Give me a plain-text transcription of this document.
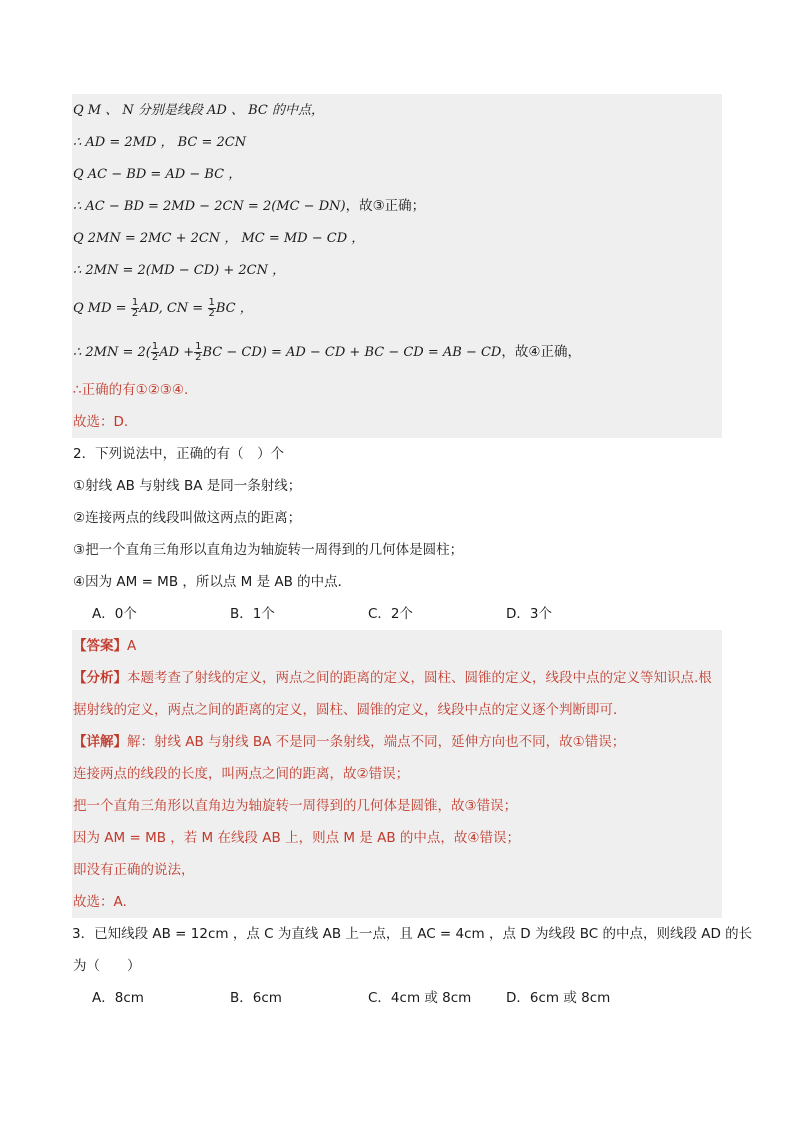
Q M 、 N 分别是线段 AD 、 BC 的中点，
∴ AD = 2MD ， BC = 2CN
Q AC − BD = AD − BC ，
∴ AC − BD = 2MD − 2CN = 2(MC − DN)，故③正确；
Q 2MN = 2MC + 2CN ， MC = MD − CD ，
∴ 2MN = 2(MD − CD) + 2CN ，
Q MD = $\frac{1}{2}$ AD, CN = $\frac{1}{2}$ BC ，
∴ $2MN = 2( \frac{1}{2}$ AD + $\frac{1}{2}$ BC − CD) = AD − CD + BC − CD = AB − CD，故④正确，
∴正确的有①②③④.
故选：D.
2．下列说法中，正确的有（　）个
①射线 AB 与射线 BA 是同一条射线；
②连接两点的线段叫做这两点的距离；
③把一个直角三角形以直角边为轴旋转一周得到的几何体是圆柱；
④因为 AM = MB ，所以点 M 是 AB 的中点．
A．0个	B．1个	C．2个	D．3个
【答案】A
【分析】本题考查了射线的定义，两点之间的距离的定义，圆柱、圆锥的定义，线段中点的定义等知识点.根
据射线的定义，两点之间的距离的定义，圆柱、圆锥的定义，线段中点的定义逐个判断即可．
【详解】解：射线 AB 与射线 BA 不是同一条射线，端点不同，延伸方向也不同，故①错误；
连接两点的线段的长度，叫两点之间的距离，故②错误；
把一个直角三角形以直角边为轴旋转一周得到的几何体是圆锥，故③错误；
因为 AM = MB ，若 M 在线段 AB 上，则点 M 是 AB 的中点，故④错误；
即没有正确的说法，
故选：A.
3．已知线段 AB = 12cm ，点 C 为直线 AB 上一点，且 AC = 4cm ，点 D 为线段 BC 的中点，则线段 AD 的长
为（　　）
A．8cm	B．6cm	C．4cm 或 8cm	D．6cm 或 8cm
